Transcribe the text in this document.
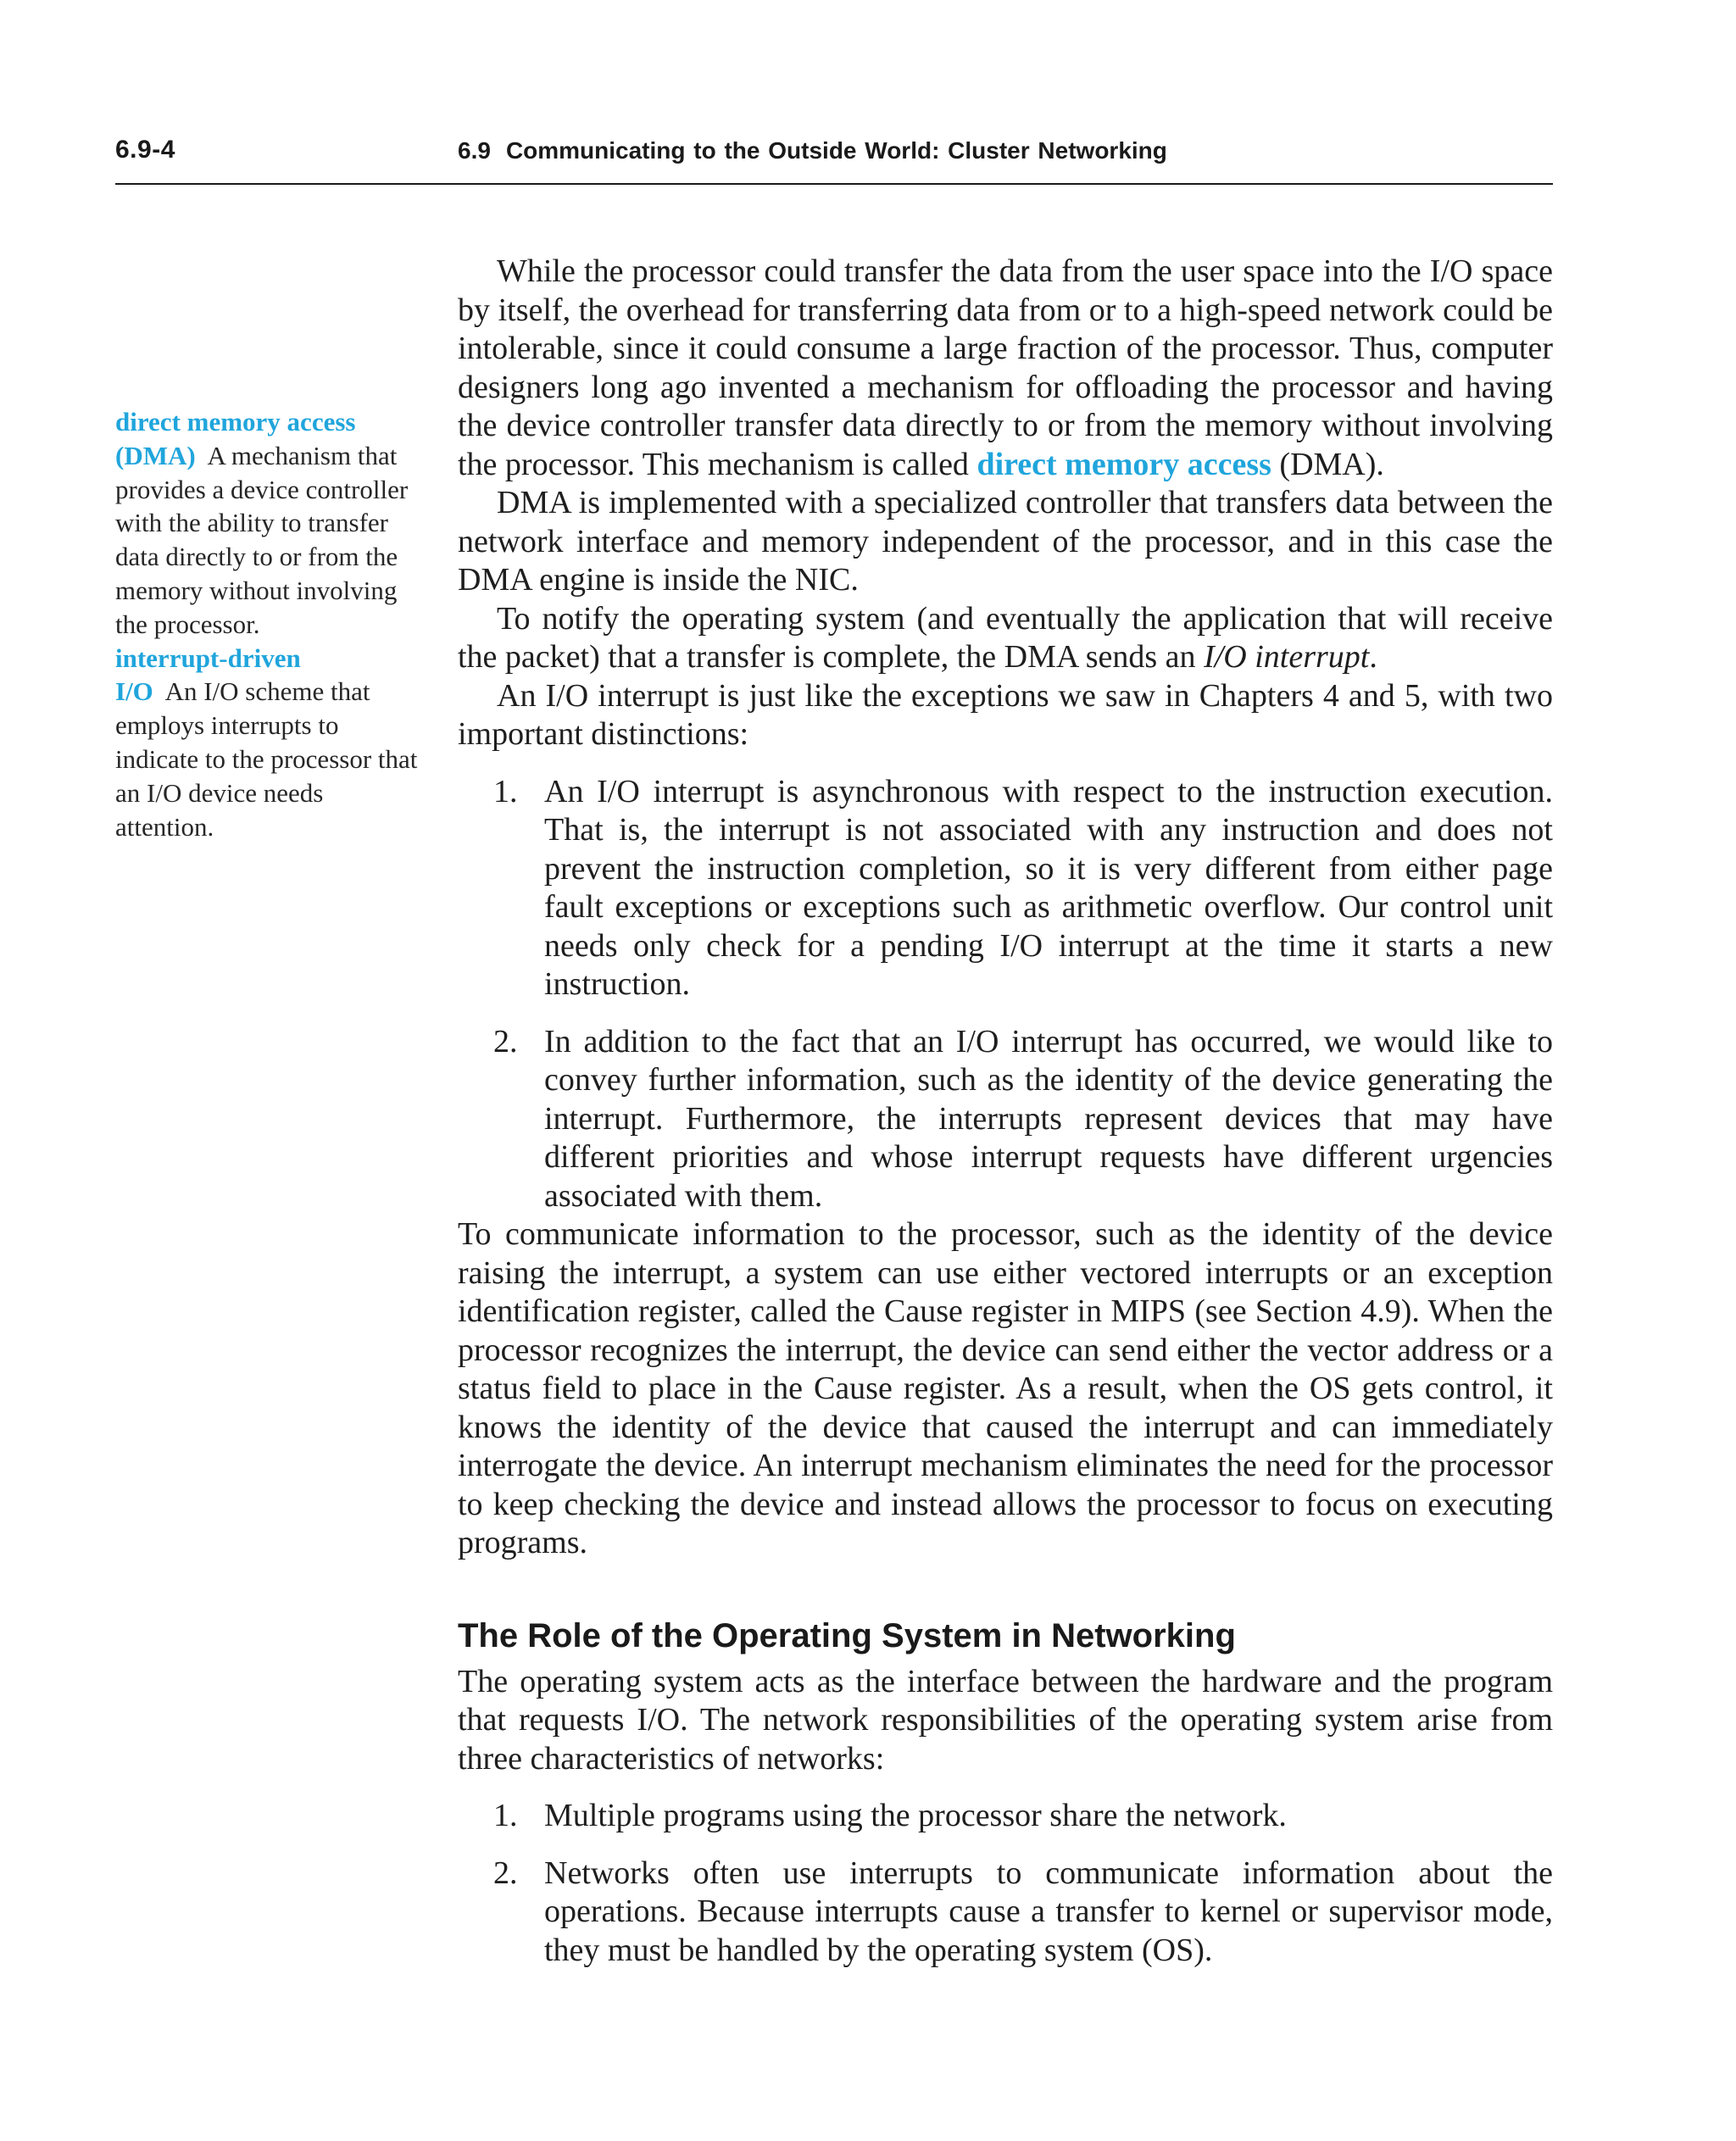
6.9-4	6.9 Communicating to the Outside World: Cluster Networking

direct memory access
(DMA) A mechanism that provides a device controller with the ability to transfer data directly to or from the memory without involving the processor.

interrupt-driven
I/O An I/O scheme that employs interrupts to indicate to the processor that an I/O device needs attention.

While the processor could transfer the data from the user space into the I/O space by itself, the overhead for transferring data from or to a high-speed network could be intolerable, since it could consume a large fraction of the processor. Thus, computer designers long ago invented a mechanism for offloading the processor and having the device controller transfer data directly to or from the memory without involving the processor. This mechanism is called direct memory access (DMA).

DMA is implemented with a specialized controller that transfers data between the network interface and memory independent of the processor, and in this case the DMA engine is inside the NIC.

To notify the operating system (and eventually the application that will receive the packet) that a transfer is complete, the DMA sends an I/O interrupt.

An I/O interrupt is just like the exceptions we saw in Chapters 4 and 5, with two important distinctions:

1. An I/O interrupt is asynchronous with respect to the instruction execution. That is, the interrupt is not associated with any instruction and does not prevent the instruction completion, so it is very different from either page fault exceptions or exceptions such as arithmetic overflow. Our control unit needs only check for a pending I/O interrupt at the time it starts a new instruction.
2. In addition to the fact that an I/O interrupt has occurred, we would like to convey further information, such as the identity of the device generating the interrupt. Furthermore, the interrupts represent devices that may have different priorities and whose interrupt requests have different urgencies associated with them.

To communicate information to the processor, such as the identity of the device raising the interrupt, a system can use either vectored interrupts or an exception identification register, called the Cause register in MIPS (see Section 4.9). When the processor recognizes the interrupt, the device can send either the vector address or a status field to place in the Cause register. As a result, when the OS gets control, it knows the identity of the device that caused the interrupt and can immediately interrogate the device. An interrupt mechanism eliminates the need for the processor to keep checking the device and instead allows the processor to focus on executing programs.

The Role of the Operating System in Networking

The operating system acts as the interface between the hardware and the program that requests I/O. The network responsibilities of the operating system arise from three characteristics of networks:

1. Multiple programs using the processor share the network.
2. Networks often use interrupts to communicate information about the operations. Because interrupts cause a transfer to kernel or supervisor mode, they must be handled by the operating system (OS).
